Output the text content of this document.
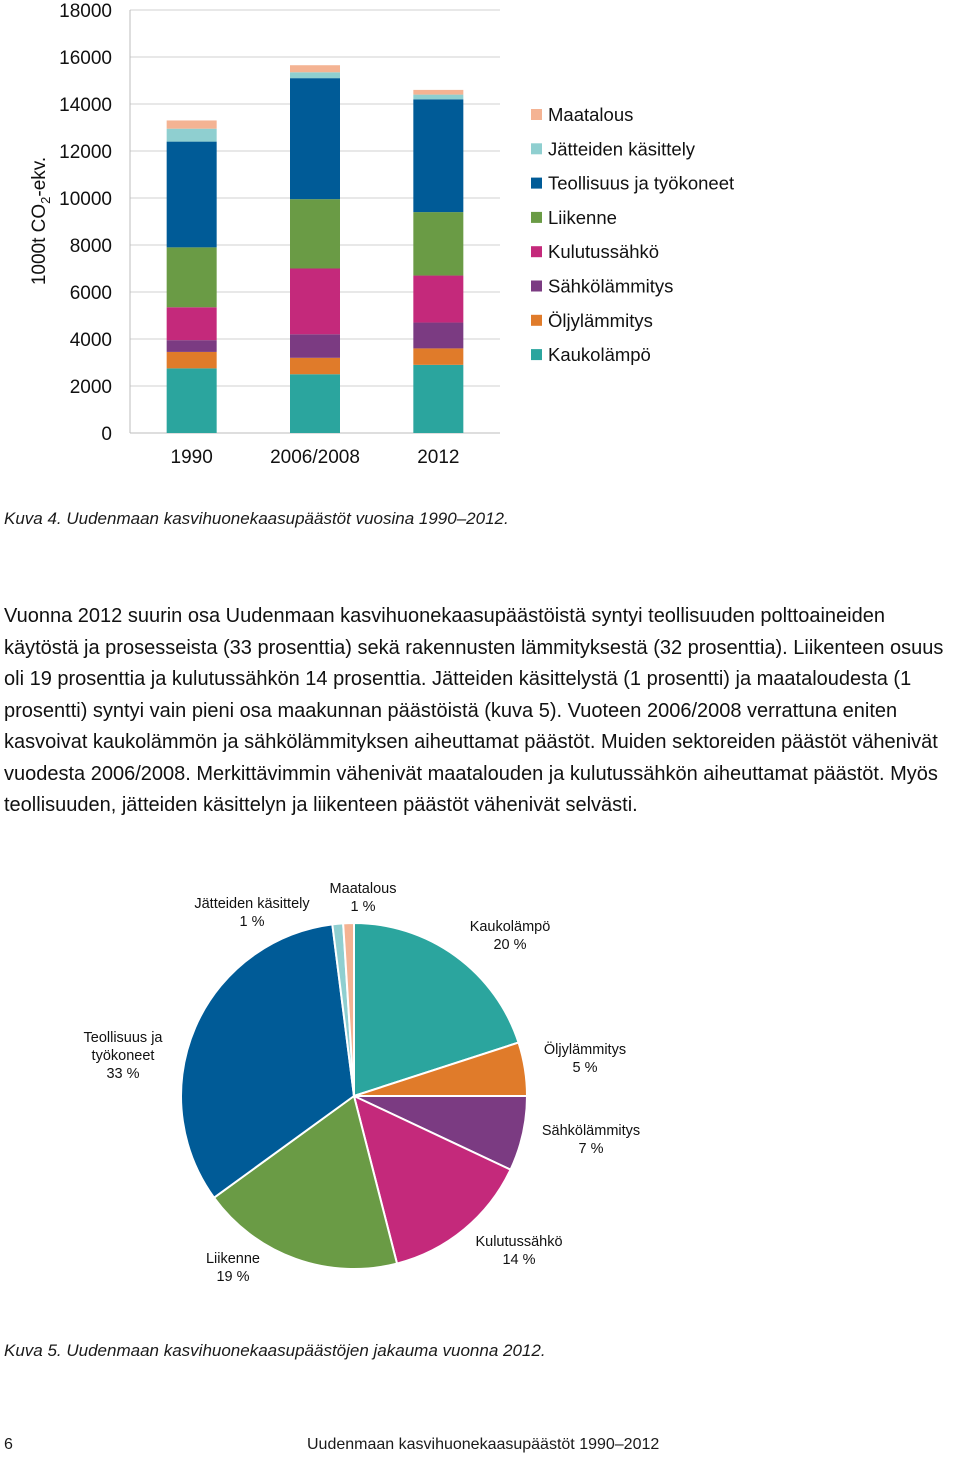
0
2000
4000
6000
8000
10000
12000
14000
16000
18000
1000t $CO_2$-ekv.
1990	2006/2008	2012
Maatalous
Jätteiden käsittely
Teollisuus ja työkoneet
Liikenne
Kulutussähkö
Sähkölämmitys
Öljylämmitys
Kaukolämpö
Kuva 4. Uudenmaan kasvihuonekaasupäästöt vuosina 1990–2012.

Vuonna 2012 suurin osa Uudenmaan kasvihuonekaasupäästöistä syntyi teollisuuden polttoaineiden käytöstä ja prosesseista (33 prosenttia) sekä rakennusten lämmityksestä (32 prosenttia). Liikenteen osuus oli 19 prosenttia ja kulutussähkön 14 prosenttia. Jätteiden käsittelystä (1 prosentti) ja maataloudesta (1 prosentti) syntyi vain pieni osa maakunnan päästöistä (kuva 5). Vuoteen 2006/2008 verrattuna eniten kasvoivat kaukolämmön ja sähkölämmityksen aiheuttamat päästöt. Muiden sektoreiden päästöt vähenivät vuodesta 2006/2008. Merkittävimmin vähenivät maatalouden ja kulutussähkön aiheuttamat päästöt. Myös teollisuuden, jätteiden käsittelyn ja liikenteen päästöt vähenivät selvästi.

Kaukolämpö
20 %
Öljylämmitys
5 %
Sähkölämmitys
7 %
Kulutussähkö
14 %
Liikenne
19 %
Teollisuus ja
työkoneet
33 %
Jätteiden käsittely
1 %
Maatalous
1 %
Kuva 5. Uudenmaan kasvihuonekaasupäästöjen jakauma vuonna 2012.
6	Uudenmaan kasvihuonekaasupäästöt 1990–2012
